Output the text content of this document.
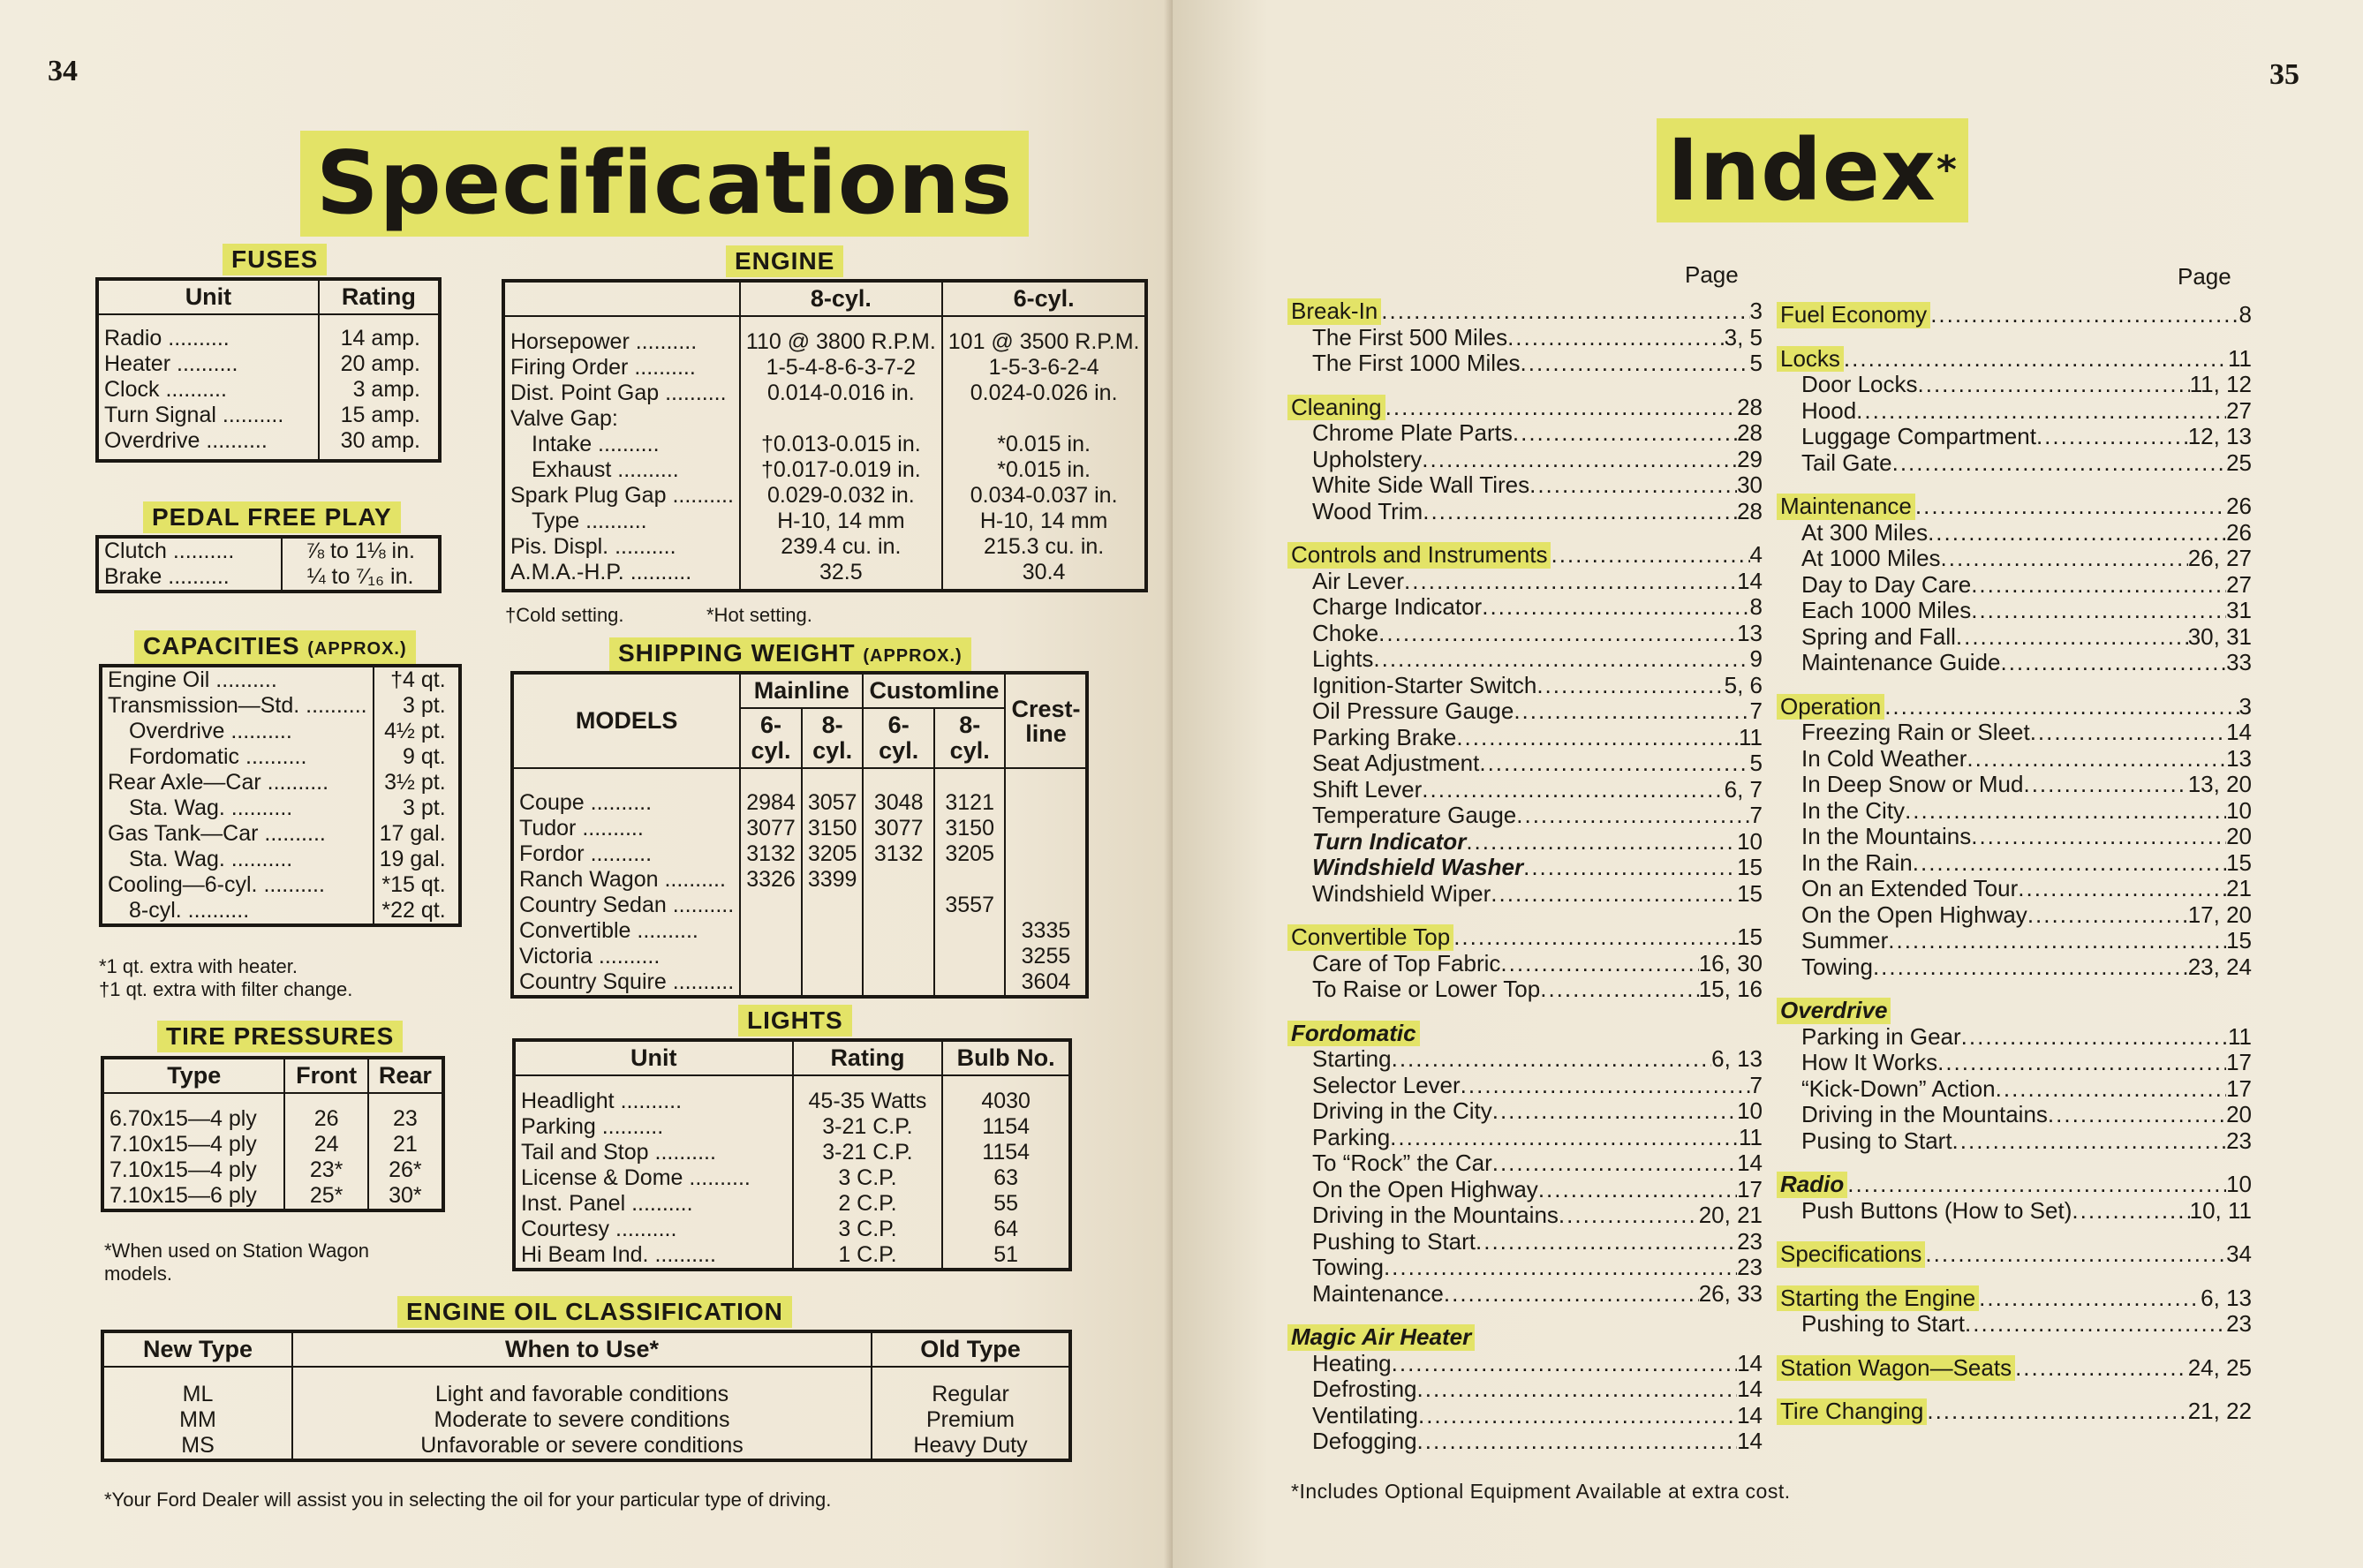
34
Specifications
FUSES
Unit	Rating

Radio ..........	14 amp.
Heater ..........	20 amp.
Clock ..........	3 amp.
Turn Signal ..........	15 amp.
Overdrive ..........	30 amp.

PEDAL FREE PLAY
Clutch ..........	⅞ to 1⅛ in.
Brake ..........	¼ to ⁷⁄₁₆ in.
CAPACITIES (APPROX.)
Engine Oil ..........	†4 qt.
Transmission—Std. ..........	3 pt.
Overdrive ..........	4½ pt.
Fordomatic ..........	9 qt.
Rear Axle—Car ..........	3½ pt.
Sta. Wag. ..........	3 pt.
Gas Tank—Car ..........	17 gal.
Sta. Wag. ..........	19 gal.
Cooling—6-cyl. ..........	*15 qt.
8-cyl. ..........	*22 qt.
*1 qt. extra with heater.
†1 qt. extra with filter change.
TIRE PRESSURES
Type	Front	Rear

6.70x15—4 ply	26	23
7.10x15—4 ply	24	21
7.10x15—4 ply	23*	26*
7.10x15—6 ply	25*	30*
*When used on Station Wagon models.
ENGINE
	8-cyl.	6-cyl.

Horsepower ..........	110 @ 3800 R.P.M.	101 @ 3500 R.P.M.
Firing Order ..........	1-5-4-8-6-3-7-2	1-5-3-6-2-4
Dist. Point Gap ..........	0.014-0.016 in.	0.024-0.026 in.
Valve Gap:		
Intake ..........	†0.013-0.015 in.	*0.015 in.
Exhaust ..........	†0.017-0.019 in.	*0.015 in.
Spark Plug Gap ..........	0.029-0.032 in.	0.034-0.037 in.
Type ..........	H-10, 14 mm	H-10, 14 mm
Pis. Displ. ..........	239.4 cu. in.	215.3 cu. in.
A.M.A.-H.P. ..........	32.5	30.4

†Cold setting.	*Hot setting.
SHIPPING WEIGHT (APPROX.)
MODELS	Mainline		Customline		Crest-line
	6-cyl.	8-cyl.	6-cyl.	8-cyl.	

Coupe ..........	2984	3057	3048	3121	
Tudor ..........	3077	3150	3077	3150	
Fordor ..........	3132	3205	3132	3205	
Ranch Wagon ..........	3326	3399			
Country Sedan ..........				3557	
Convertible ..........					3335
Victoria ..........					3255
Country Squire ..........					3604
LIGHTS
Unit	Rating	Bulb No.

Headlight ..........	45-35 Watts	4030
Parking ..........	3-21 C.P.	1154
Tail and Stop ..........	3-21 C.P.	1154
License & Dome ..........	3 C.P.	63
Inst. Panel ..........	2 C.P.	55
Courtesy ..........	3 C.P.	64
Hi Beam Ind. ..........	1 C.P.	51
ENGINE OIL CLASSIFICATION
New Type	When to Use*	Old Type

ML	Light and favorable conditions	Regular
MM	Moderate to severe conditions	Premium
MS	Unfavorable or severe conditions	Heavy Duty
*Your Ford Dealer will assist you in selecting the oil for your particular type of driving.
35
Index*
Page	Page
Break-In .....	3
The First 500 Miles .....	3, 5
The First 1000 Miles .....	5
Cleaning .....	28
Chrome Plate Parts .....	28
Upholstery .....	29
White Side Wall Tires .....	30
Wood Trim .....	28
Controls and Instruments .....	4
Air Lever .....	14
Charge Indicator .....	8
Choke .....	13
Lights .....	9
Ignition-Starter Switch .....	5, 6
Oil Pressure Gauge .....	7
Parking Brake .....	11
Seat Adjustment .....	5
Shift Lever .....	6, 7
Temperature Gauge .....	7
Turn Indicator .....	10
Windshield Washer .....	15
Windshield Wiper .....	15
Convertible Top .....	15
Care of Top Fabric .....	16, 30
To Raise or Lower Top .....	15, 16
Fordomatic
Starting .....	6, 13
Selector Lever .....	7
Driving in the City .....	10
Parking .....	11
To “Rock” the Car .....	14
On the Open Highway .....	17
Driving in the Mountains .....	20, 21
Pushing to Start .....	23
Towing .....	23
Maintenance .....	26, 33
Magic Air Heater
Heating .....	14
Defrosting .....	14
Ventilating .....	14
Defogging .....	14
Fuel Economy .....	8
Locks .....	11
Door Locks .....	11, 12
Hood .....	27
Luggage Compartment .....	12, 13
Tail Gate .....	25
Maintenance .....	26
At 300 Miles .....	26
At 1000 Miles .....	26, 27
Day to Day Care .....	27
Each 1000 Miles .....	31
Spring and Fall .....	30, 31
Maintenance Guide .....	33
Operation .....	3
Freezing Rain or Sleet .....	14
In Cold Weather .....	13
In Deep Snow or Mud .....	13, 20
In the City .....	10
In the Mountains .....	20
In the Rain .....	15
On an Extended Tour .....	21
On the Open Highway .....	17, 20
Summer .....	15
Towing .....	23, 24
Overdrive
Parking in Gear .....	11
How It Works .....	17
“Kick-Down” Action .....	17
Driving in the Mountains .....	20
Pusing to Start .....	23
Radio .....	10
Push Buttons (How to Set) .....	10, 11
Specifications .....	34
Starting the Engine .....	6, 13
Pushing to Start .....	23
Station Wagon—Seats .....	24, 25
Tire Changing .....	21, 22
*Includes Optional Equipment Available at extra cost.
